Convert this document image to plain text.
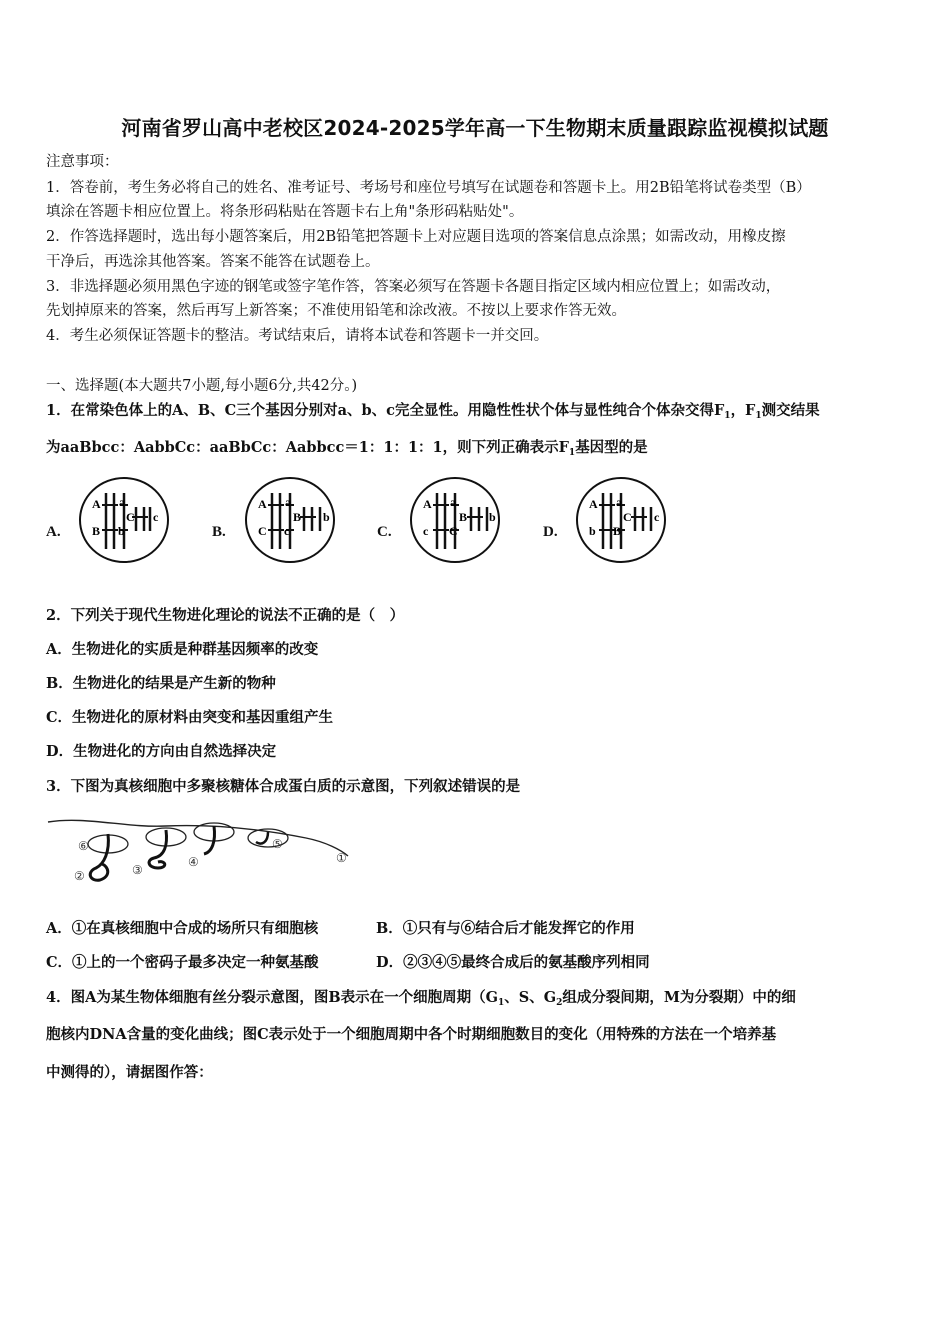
河南省罗山高中老校区2024-2025学年高一下生物期末质量跟踪监视模拟试题
注意事项：
1．答卷前，考生务必将自己的姓名、准考证号、考场号和座位号填写在试题卷和答题卡上。用2B铅笔将试卷类型（B）
填涂在答题卡相应位置上。将条形码粘贴在答题卡右上角"条形码粘贴处"。
2．作答选择题时，选出每小题答案后，用2B铅笔把答题卡上对应题目选项的答案信息点涂黑；如需改动，用橡皮擦
干净后，再选涂其他答案。答案不能答在试题卷上。
3．非选择题必须用黑色字迹的钢笔或签字笔作答，答案必须写在答题卡各题目指定区域内相应位置上；如需改动，
先划掉原来的答案，然后再写上新答案；不准使用铅笔和涂改液。不按以上要求作答无效。
4．考生必须保证答题卡的整洁。考试结束后，请将本试卷和答题卡一并交回。
一、选择题(本大题共7小题,每小题6分,共42分。)
1．在常染色体上的A、B、C三个基因分别对a、b、c完全显性。用隐性性状个体与显性纯合个体杂交得$F_1$，$F_1$测交结果
为aaBbcc：AabbCc：aaBbCc：Aabbcc＝1：1：1：1，则下列正确表示$F_1$基因型的是
A.	B.	C.	D.
A a
B b
C c
A a
C c
B b
A a
c C
B b
A a
b B
C c
2．下列关于现代生物进化理论的说法不正确的是（　）
A．生物进化的实质是种群基因频率的改变
B．生物进化的结果是产生新的物种
C．生物进化的原材料由突变和基因重组产生
D．生物进化的方向由自然选择决定
3．下图为真核细胞中多聚核糖体合成蛋白质的示意图，下列叙述错误的是
⑥
②	③
④
⑤
①
A．①在真核细胞中合成的场所只有细胞核	B．①只有与⑥结合后才能发挥它的作用
C．①上的一个密码子最多决定一种氨基酸	D．②③④⑤最终合成后的氨基酸序列相同
4．图A为某生物体细胞有丝分裂示意图，图B表示在一个细胞周期（$G_1$、S、$G_2$组成分裂间期，M为分裂期）中的细
胞核内DNA含量的变化曲线；图C表示处于一个细胞周期中各个时期细胞数目的变化（用特殊的方法在一个培养基
中测得的），请据图作答：
